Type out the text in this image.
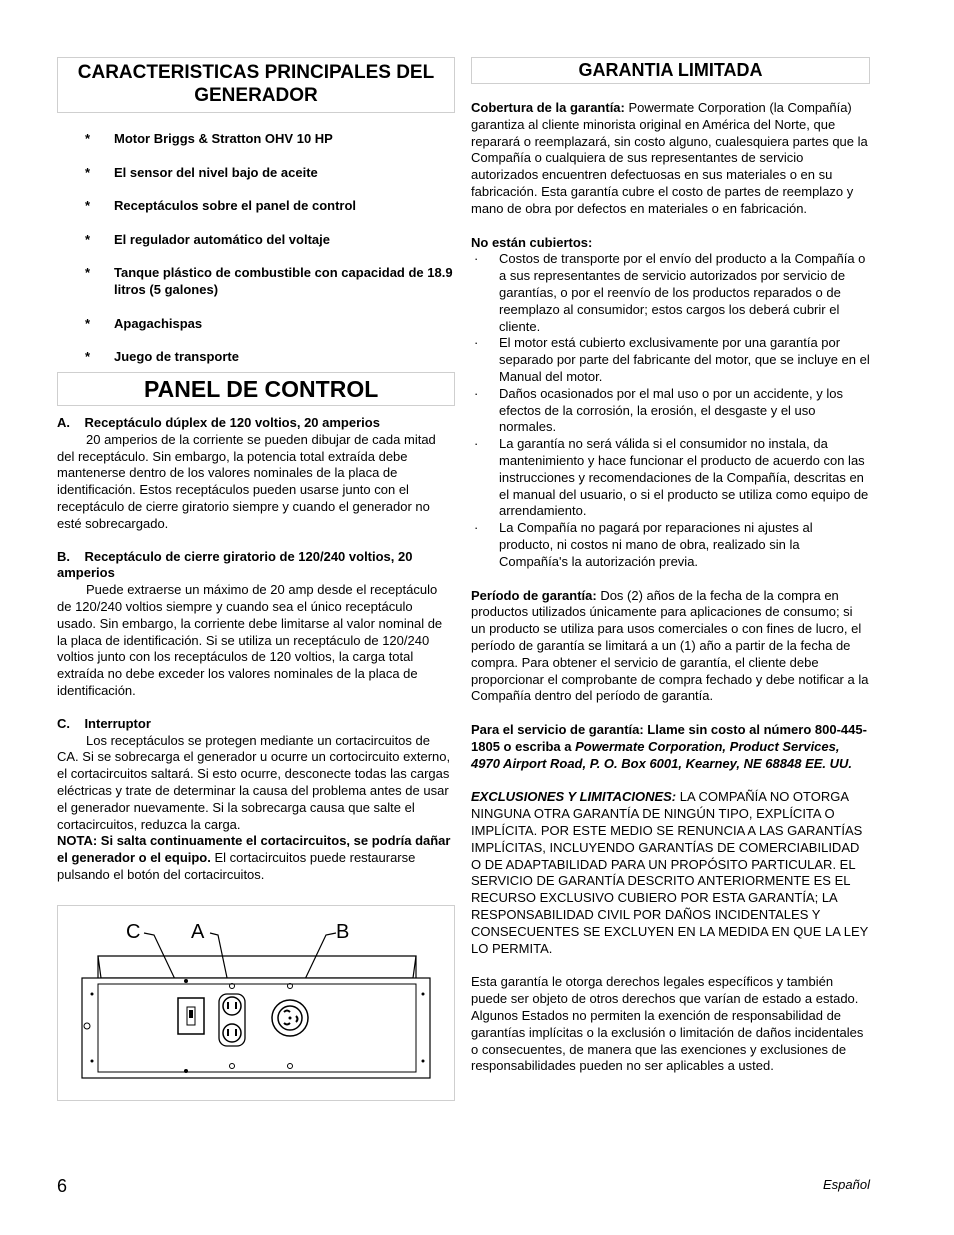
CARACTERISTICAS PRINCIPALES DEL GENERADOR
* Motor Briggs & Stratton OHV 10 HP
* El sensor del nivel bajo de aceite
* Receptáculos sobre el panel de control
* El regulador automático del voltaje
* Tanque plástico de combustible con capacidad de 18.9 litros (5 galones)
* Apagachispas
* Juego de transporte
PANEL DE CONTROL

A.    Receptáculo dúplex de 120 voltios, 20 amperios

20 amperios de la corriente se pueden dibujar de cada mitad del receptáculo. Sin embargo, la potencia total extraída debe mantenerse dentro de los valores nominales de la placa de identificación. Estos receptáculos pueden usarse junto con el receptáculo de cierre giratorio siempre y cuando el generador no esté sobrecargado.

B.    Receptáculo de cierre giratorio de 120/240 voltios, 20 amperios

Puede extraerse un máximo de 20 amp desde el receptáculo de 120/240 voltios siempre y cuando sea el único receptáculo usado. Sin embargo, la corriente debe limitarse al valor nominal de la placa de identificación. Si se utiliza un receptáculo de 120/240 voltios junto con los receptáculos de 120 voltios, la carga total extraída no debe exceder los valores nominales de la placa de identificación.

C.    Interruptor

Los receptáculos se protegen mediante un cortacircuitos de CA. Si se sobrecarga el generador u ocurre un cortocircuito externo, el cortacircuitos saltará. Si esto ocurre, desconecte todas las cargas eléctricas y trate de determinar la causa del problema antes de usar el generador nuevamente. Si la sobrecarga causa que salte el cortacircuitos, reduzca la carga.
NOTA: Si salta continuamente el cortacircuitos, se podría dañar el generador o el equipo. El cortacircuitos puede restaurarse pulsando el botón del cortacircuitos.

C	A	B
GARANTIA LIMITADA

Cobertura de la garantía: Powermate Corporation (la Compañía) garantiza al cliente minorista original en América del Norte, que reparará o reemplazará, sin costo alguno, cualesquiera partes que la Compañía o cualquiera de sus representantes de servicio autorizados encuentren defectuosas en sus materiales o en su fabricación. Esta garantía cubre el costo de partes de reemplazo y mano de obra por defectos en materiales o en fabricación.

No están cubiertos:

· Costos de transporte por el envío del producto a la Compañía o a sus representantes de servicio autorizados por servicio de garantías, o por el reenvío de los productos reparados o de reemplazo al consumidor; estos cargos los deberá cubrir el cliente.
· El motor está cubierto exclusivamente por una garantía por separado por parte del fabricante del motor, que se incluye en el Manual del motor.
· Daños ocasionados por el mal uso o por un accidente, y los efectos de la corrosión, la erosión, el desgaste y el uso normales.
· La garantía no será válida si el consumidor no instala, da mantenimiento y hace funcionar el producto de acuerdo con las instrucciones y recomendaciones de la Compañía, descritas en el manual del usuario, o si el producto se utiliza como equipo de arrendamiento.
· La Compañía no pagará por reparaciones ni ajustes al producto, ni costos ni mano de obra, realizado sin la Compañía's la autorización previa.

Período de garantía: Dos (2) años de la fecha de la compra en productos utilizados únicamente para aplicaciones de consumo; si un producto se utiliza para usos comerciales o con fines de lucro, el período de garantía se limitará a un (1) año a partir de la fecha de compra. Para obtener el servicio de garantía, el cliente debe proporcionar el comprobante de compra fechado y debe notificar a la Compañía dentro del período de garantía.

Para el servicio de garantía: Llame sin costo al número 800-445-1805 o escriba a Powermate Corporation, Product Services, 4970 Airport Road, P. O. Box 6001, Kearney, NE 68848 EE. UU.

EXCLUSIONES Y LIMITACIONES: LA COMPAÑÍA NO OTORGA NINGUNA OTRA GARANTÍA DE NINGÚN TIPO, EXPLÍCITA O IMPLÍCITA. POR ESTE MEDIO SE RENUNCIA A LAS GARANTÍAS IMPLÍCITAS, INCLUYENDO GARANTÍAS DE COMERCIABILIDAD O DE ADAPTABILIDAD PARA UN PROPÓSITO PARTICULAR. EL SERVICIO DE GARANTÍA DESCRITO ANTERIORMENTE ES EL RECURSO EXCLUSIVO CUBIERO POR ESTA GARANTÍA; LA RESPONSABILIDAD CIVIL POR DAÑOS INCIDENTALES Y CONSECUENTES SE EXCLUYEN EN LA MEDIDA EN QUE LA LEY LO PERMITA.

Esta garantía le otorga derechos legales específicos y también puede ser objeto de otros derechos que varían de estado a estado. Algunos Estados no permiten la exención de responsabilidad de garantías implícitas o la exclusión o limitación de daños incidentales o consecuentes, de manera que las exenciones y exclusiones de responsabilidades pueden no ser aplicables a usted.

6	Español
